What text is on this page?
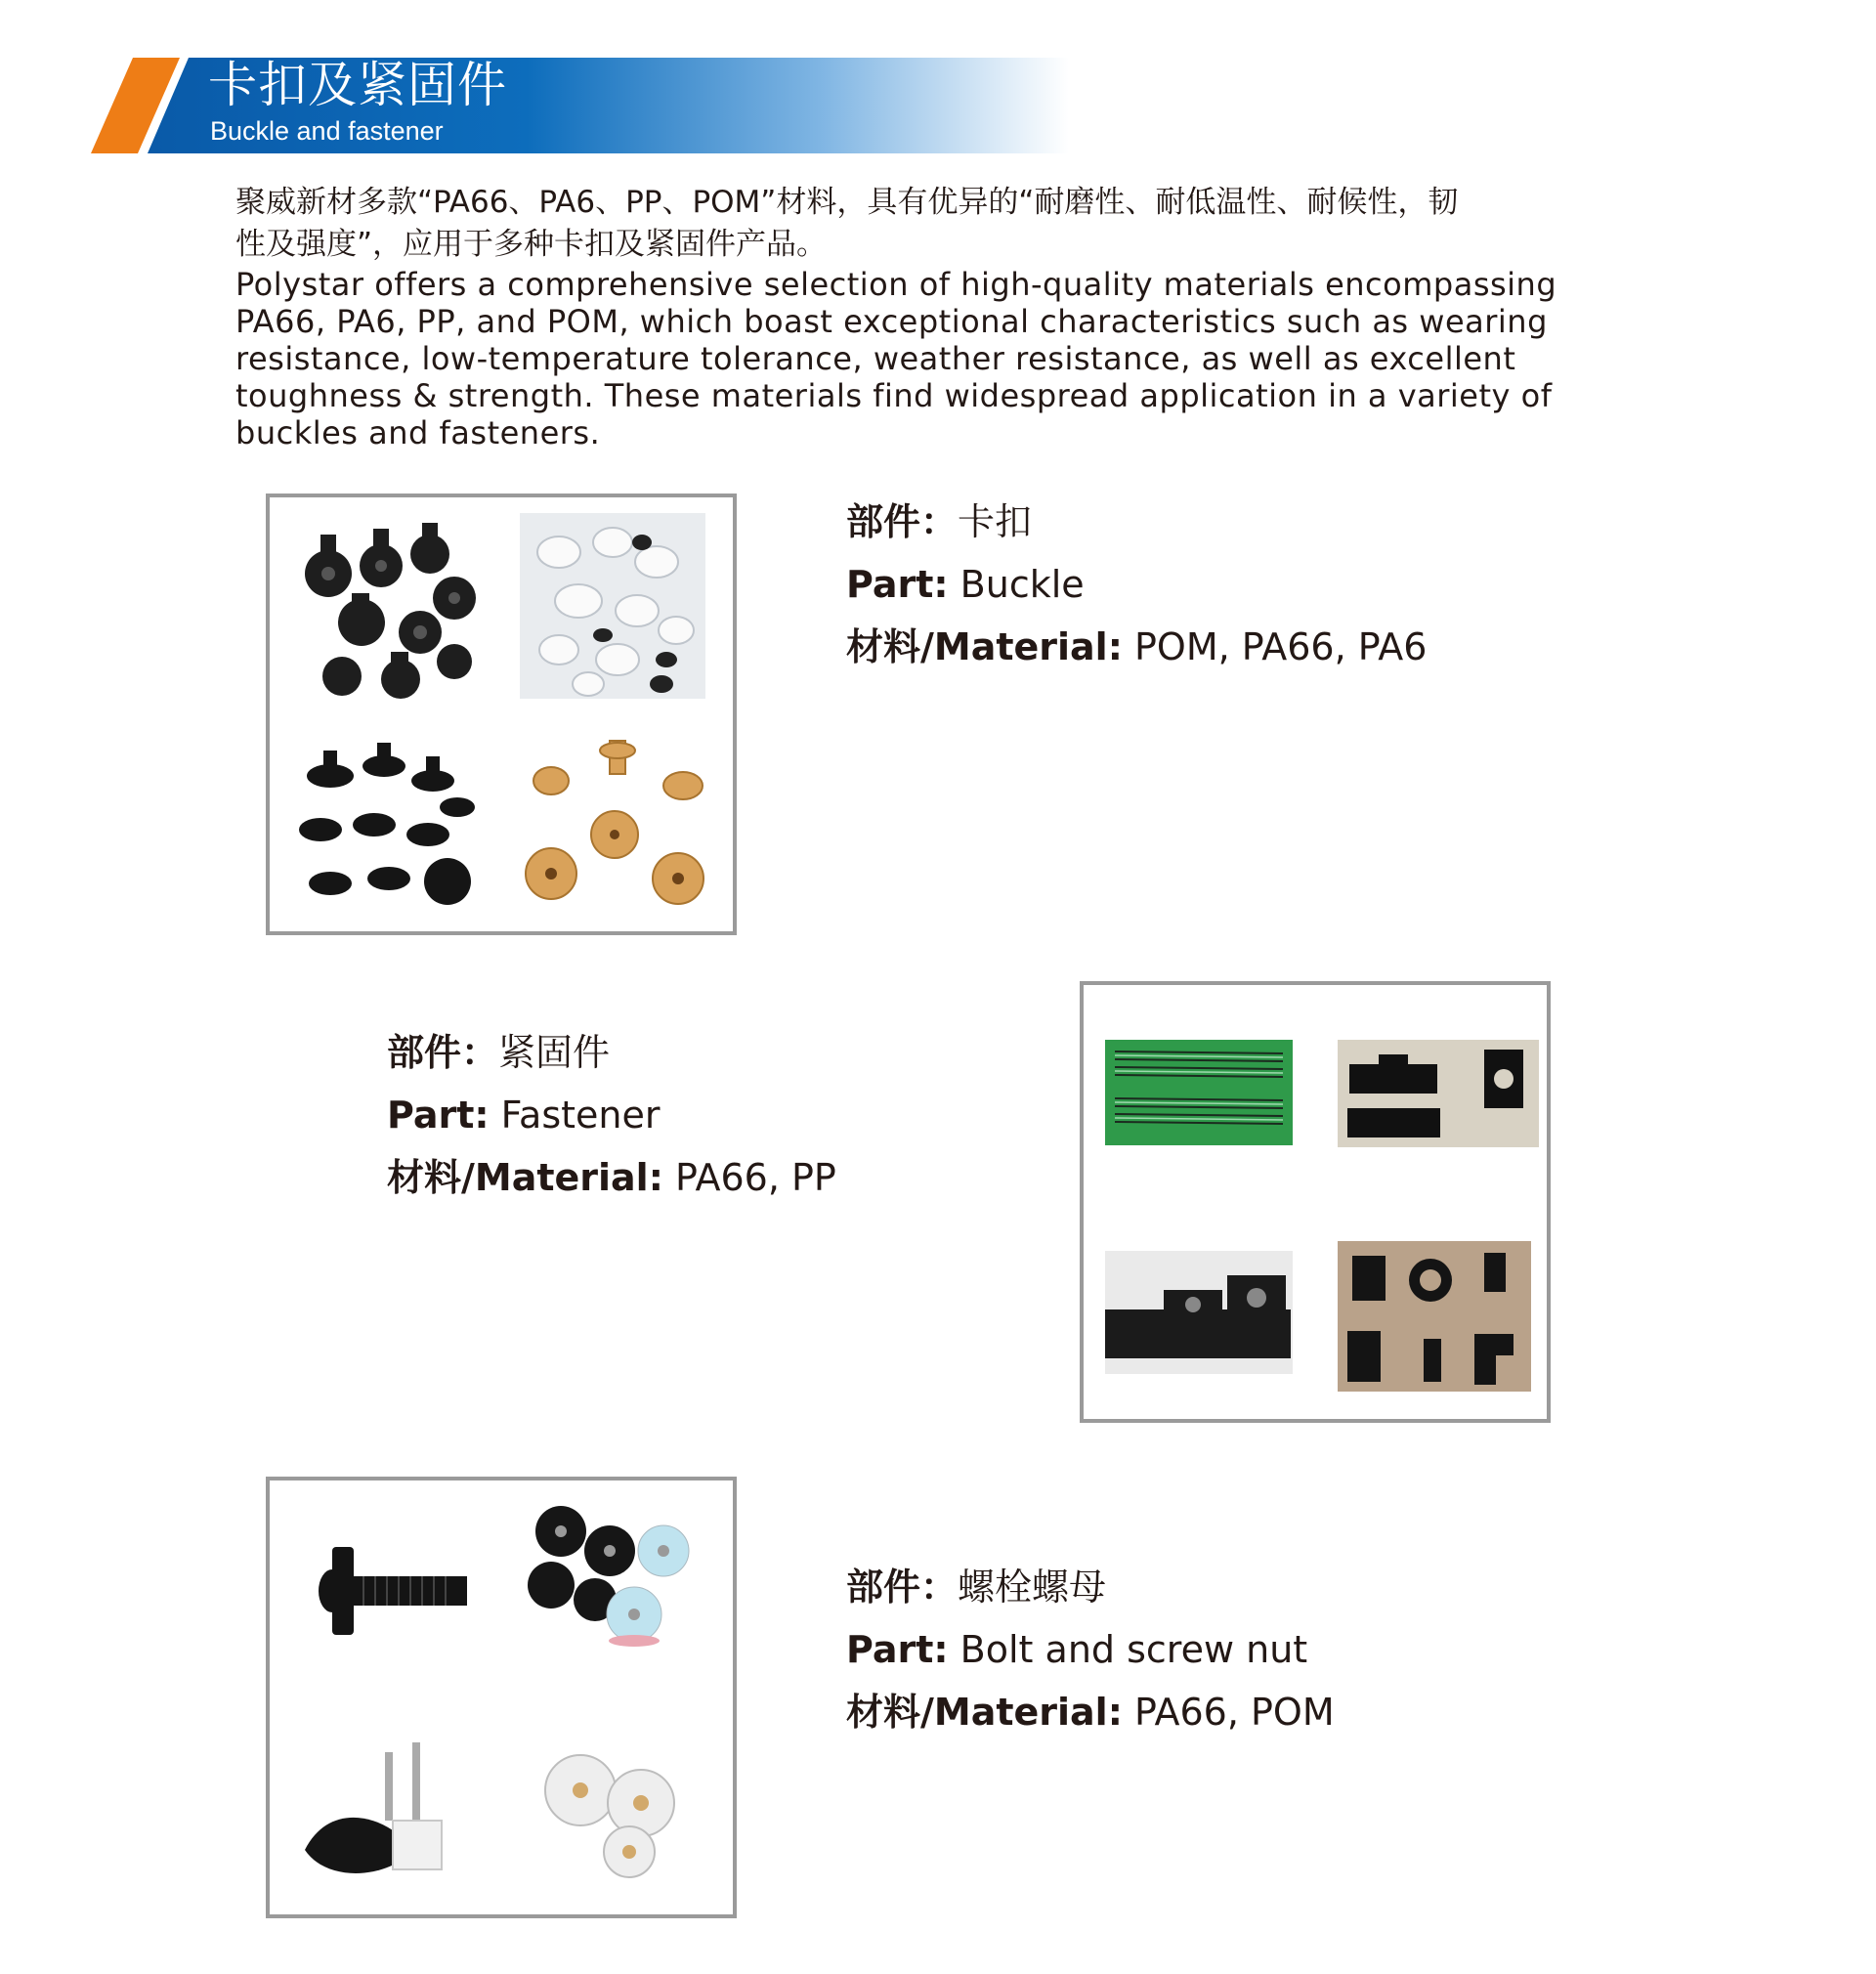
卡扣及紧固件
Buckle and fastener

聚威新材多款“PA66、PA6、PP、POM”材料，具有优异的“耐磨性、耐低温性、耐候性，韧

性及强度”，应用于多种卡扣及紧固件产品。

Polystar offers a comprehensive selection of high-quality materials encompassing

PA66, PA6, PP, and POM, which boast exceptional characteristics such as wearing

resistance, low-temperature tolerance, weather resistance, as well as excellent

toughness & strength. These materials find widespread application in a variety of

buckles and fasteners.

部件：卡扣
Part: Buckle
材料/Material: POM, PA66, PA6
部件：紧固件
Part: Fastener
材料/Material: PA66, PP
部件：螺栓螺母
Part: Bolt and screw nut
材料/Material: PA66, POM
